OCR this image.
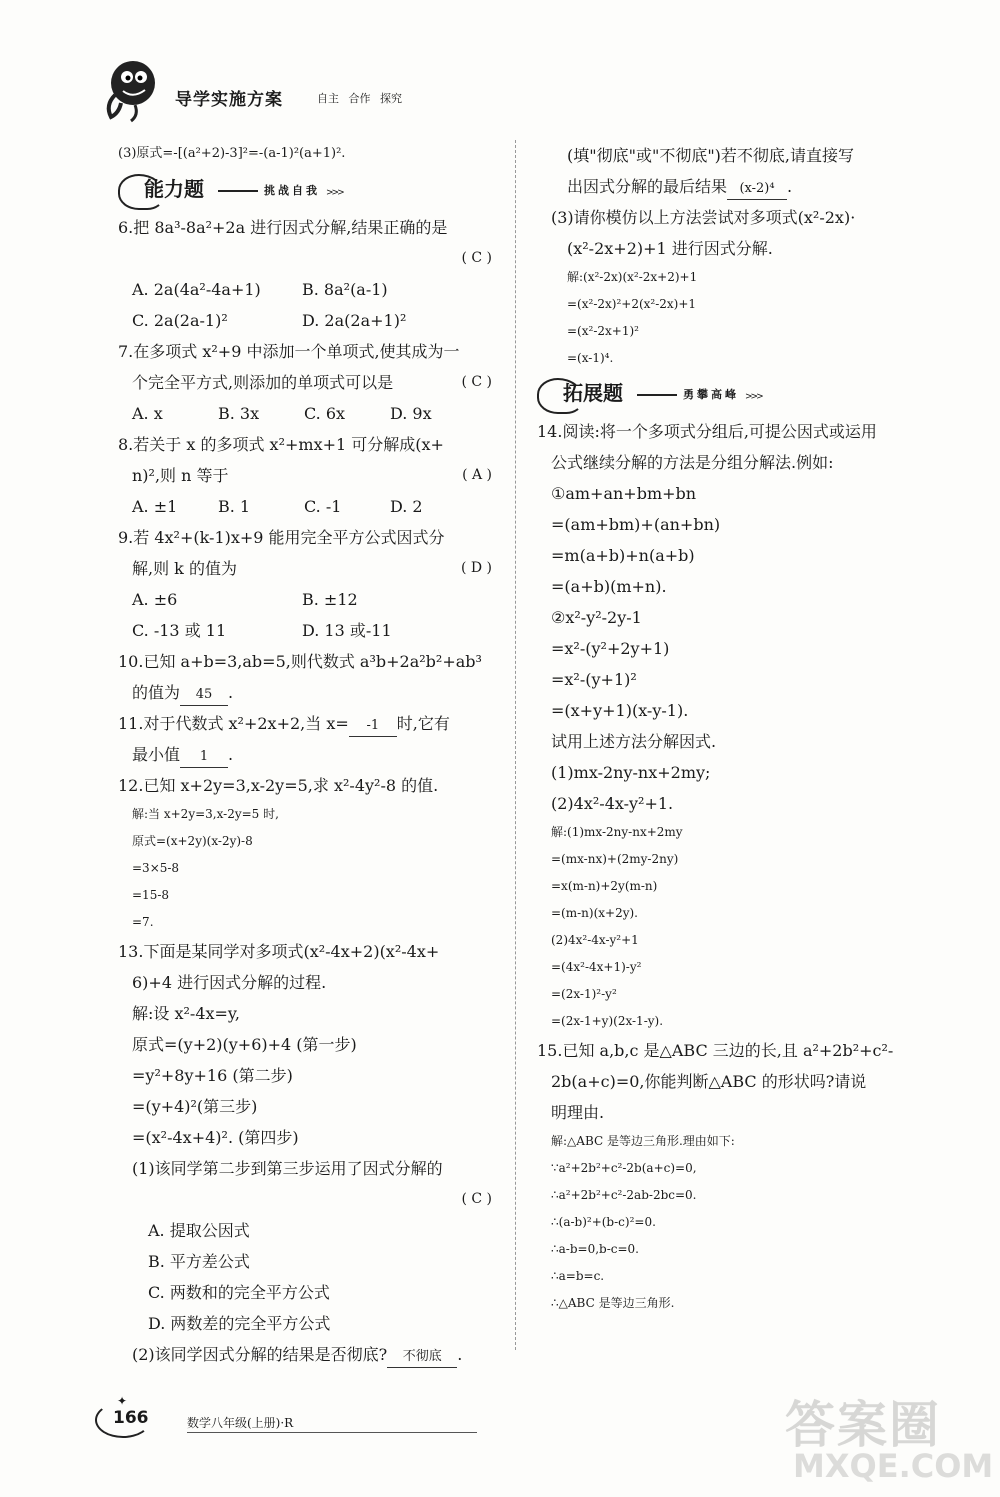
导学实施方案	自主 合作 探究
(3)原式=-[(a²+2)-3]²=-(a-1)²(a+1)².
能力题	挑战自我 >>>
6.把 8a³-8a²+2a 进行因式分解,结果正确的是
( C )
A. 2a(4a²-4a+1)	B. 8a²(a-1)
C. 2a(2a-1)²	D. 2a(2a+1)²
7.在多项式 x²+9 中添加一个单项式,使其成为一
个完全平方式,则添加的单项式可以是	( C )
A. x	B. 3x	C. 6x	D. 9x
8.若关于 x 的多项式 x²+mx+1 可分解成(x+
n)²,则 n 等于	( A )
A. ±1	B. 1	C. -1	D. 2
9.若 4x²+(k-1)x+9 能用完全平方公式因式分
解,则 k 的值为	( D )
A. ±6	B. ±12
C. -13 或 11	D. 13 或-11
10.已知 a+b=3,ab=5,则代数式 a³b+2a²b²+ab³
的值为 45 .
11.对于代数式 x²+2x+2,当 x= -1 时,它有
最小值 1 .
12.已知 x+2y=3,x-2y=5,求 x²-4y²-8 的值.
解:当 x+2y=3,x-2y=5 时,
原式=(x+2y)(x-2y)-8
=3×5-8
=15-8
=7.
13.下面是某同学对多项式(x²-4x+2)(x²-4x+
6)+4 进行因式分解的过程.
解:设 x²-4x=y,
原式=(y+2)(y+6)+4 (第一步)
=y²+8y+16 (第二步)
=(y+4)²(第三步)
=(x²-4x+4)². (第四步)
(1)该同学第二步到第三步运用了因式分解的
( C )
A. 提取公因式
B. 平方差公式
C. 两数和的完全平方公式
D. 两数差的完全平方公式
(2)该同学因式分解的结果是否彻底? 不彻底 .
(填"彻底"或"不彻底")若不彻底,请直接写
出因式分解的最后结果 (x-2)⁴ .
(3)请你模仿以上方法尝试对多项式(x²-2x)·
(x²-2x+2)+1 进行因式分解.
解:(x²-2x)(x²-2x+2)+1
=(x²-2x)²+2(x²-2x)+1
=(x²-2x+1)²
=(x-1)⁴.
拓展题	勇攀高峰 >>>
14.阅读:将一个多项式分组后,可提公因式或运用
公式继续分解的方法是分组分解法.例如:
①am+an+bm+bn
=(am+bm)+(an+bn)
=m(a+b)+n(a+b)
=(a+b)(m+n).
②x²-y²-2y-1
=x²-(y²+2y+1)
=x²-(y+1)²
=(x+y+1)(x-y-1).
试用上述方法分解因式.
(1)mx-2ny-nx+2my;
(2)4x²-4x-y²+1.
解:(1)mx-2ny-nx+2my
=(mx-nx)+(2my-2ny)
=x(m-n)+2y(m-n)
=(m-n)(x+2y).
(2)4x²-4x-y²+1
=(4x²-4x+1)-y²
=(2x-1)²-y²
=(2x-1+y)(2x-1-y).
15.已知 a,b,c 是△ABC 三边的长,且 a²+2b²+c²-
2b(a+c)=0,你能判断△ABC 的形状吗?请说
明理由.
解:△ABC 是等边三角形.理由如下:
∵a²+2b²+c²-2b(a+c)=0,
∴a²+2b²+c²-2ab-2bc=0.
∴(a-b)²+(b-c)²=0.
∴a-b=0,b-c=0.
∴a=b=c.
∴△ABC 是等边三角形.
✦
166	数学八年级(上册)·R	答案圈
MXQE.COM
